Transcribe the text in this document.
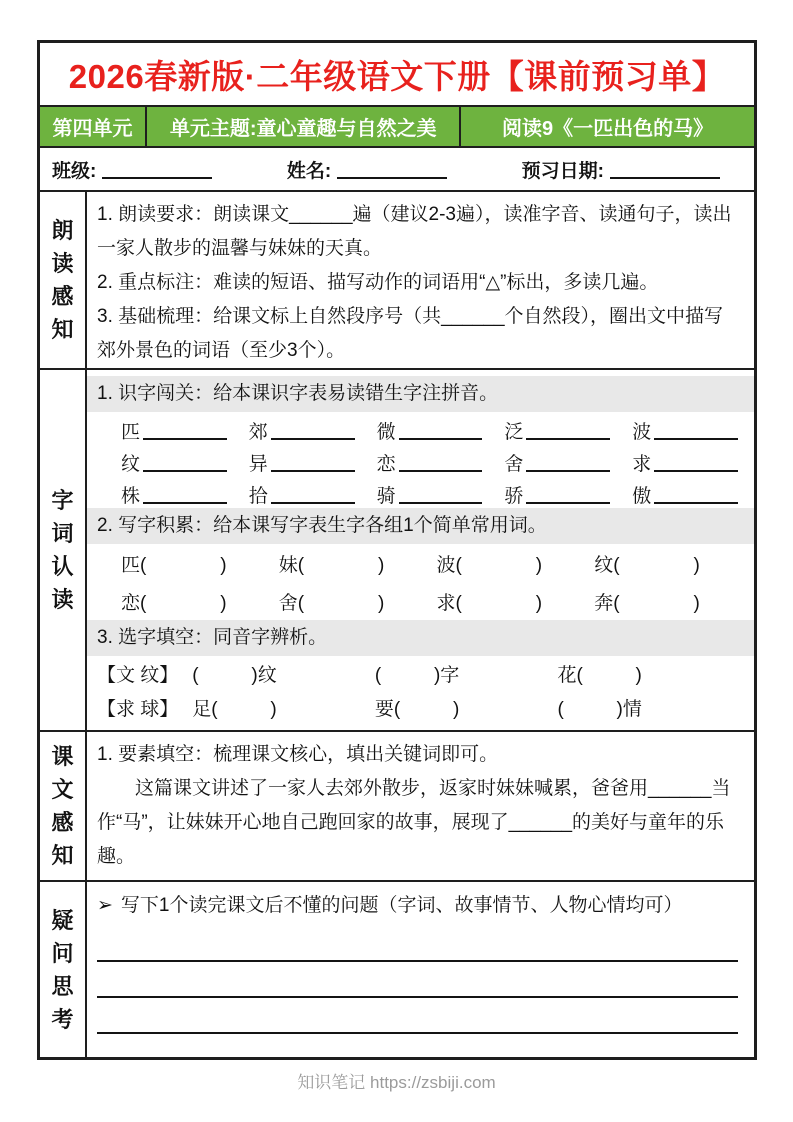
2026春新版·二年级语文下册【课前预习单】
第四单元	单元主题:童心童趣与自然之美	阅读9《一匹出色的马》
班级:	姓名:	预习日期:
朗读感知
1. 朗读要求：朗读课文______遍（建议2-3遍），读准字音、读通句子，读出一家人散步的温馨与妹妹的天真。
2. 重点标注：难读的短语、描写动作的词语用“△”标出，多读几遍。
3. 基础梳理：给课文标上自然段序号（共______个自然段），圈出文中描写郊外景色的词语（至少3个）。
字词认读
1. 识字闯关：给本课识字表易读错生字注拼音。
匹	郊	微	泛	波
纹	异	恋	舍	求
株	拾	骑	骄	傲
2. 写字积累：给本课写字表生字各组1个简单常用词。
匹(              )	妹(              )	波(              )	纹(              )
恋(              )	舍(              )	求(              )	奔(              )
3. 选字填空：同音字辨析。
【文 纹】 (          )纹	(          )字	花(          )
【求 球】 足(          )	要(          )	(          )情
课文感知
1. 要素填空：梳理课文核心，填出关键词即可。
这篇课文讲述了一家人去郊外散步，返家时妹妹喊累，爸爸用______当作“马”，让妹妹开心地自己跑回家的故事，展现了______的美好与童年的乐趣。
疑问思考
➢ 写下1个读完课文后不懂的问题（字词、故事情节、人物心情均可）
知识笔记 https://zsbiji.com
